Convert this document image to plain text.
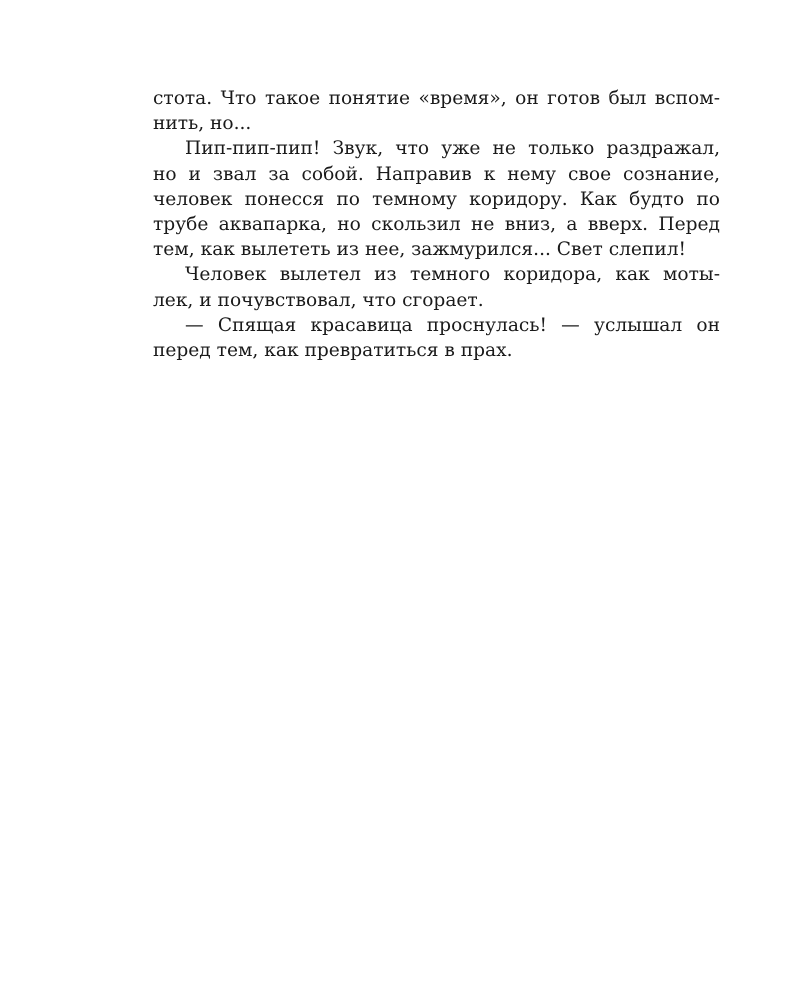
стота. Что такое понятие «время», он готов был вспом-
нить, но...
Пип-пип-пип! Звук, что уже не только раздражал,
но и звал за собой. Направив к нему свое сознание,
человек понесся по темному коридору. Как будто по
трубе аквапарка, но скользил не вниз, а вверх. Перед
тем, как вылететь из нее, зажмурился... Свет слепил!
Человек вылетел из темного коридора, как моты-
лек, и почувствовал, что сгорает.
— Спящая красавица проснулась! — услышал он
перед тем, как превратиться в прах.
